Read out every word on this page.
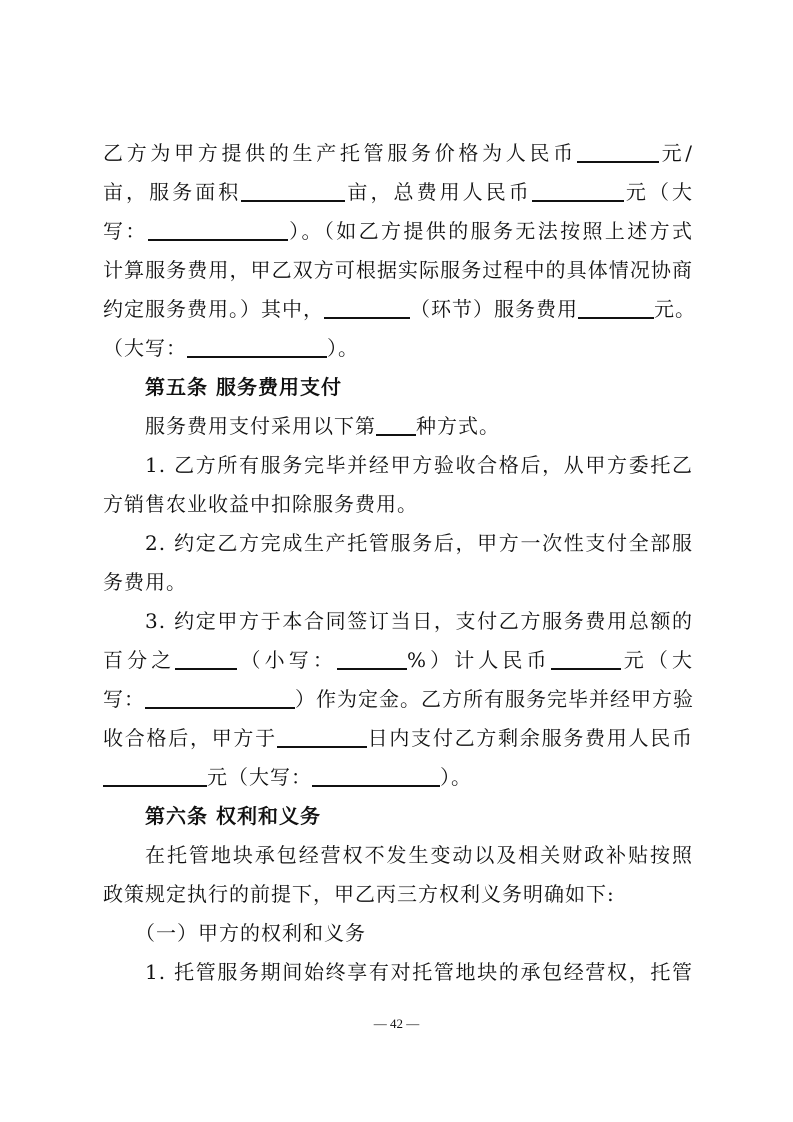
乙方为甲方提供的生产托管服务价格为人民币	元/
亩，服务面积	亩，总费用人民币	元（大
写：	）。（如乙方提供的服务无法按照上述方式
计算服务费用，甲乙双方可根据实际服务过程中的具体情况协商
约定服务费用。）其中，	（环节）服务费用	元。
（大写：	）。
第五条 服务费用支付
服务费用支付采用以下第 种方式。
1. 乙方所有服务完毕并经甲方验收合格后，从甲方委托乙
方销售农业收益中扣除服务费用。
2. 约定乙方完成生产托管服务后，甲方一次性支付全部服
务费用。
3. 约定甲方于本合同签订当日，支付乙方服务费用总额的
百分之	（小写：	%）计人民币	元（大
写：	）作为定金。乙方所有服务完毕并经甲方验
收合格后，甲方于	日内支付乙方剩余服务费用人民币
元（大写：	）。
第六条 权利和义务
在托管地块承包经营权不发生变动以及相关财政补贴按照
政策规定执行的前提下，甲乙丙三方权利义务明确如下:
（一）甲方的权利和义务
1. 托管服务期间始终享有对托管地块的承包经营权，托管
— 42 —
